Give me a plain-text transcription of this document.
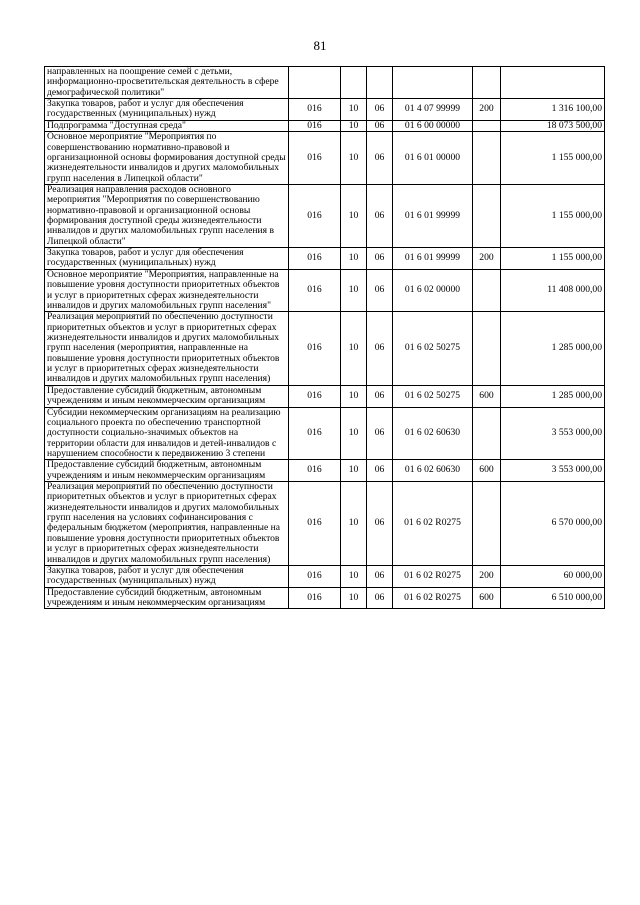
81
направленных на поощрение семей с детьми, информационно-просветительская деятельность в сфере демографической политики"						
Закупка товаров, работ и услуг для обеспечения государственных (муниципальных) нужд	016	10	06	01 4 07 99999	200	1 316 100,00
Подпрограмма "Доступная среда"	016	10	06	01 6 00 00000		18 073 500,00
Основное мероприятие "Мероприятия по совершенствованию нормативно-правовой и организационной основы формирования доступной среды жизнедеятельности инвалидов и других маломобильных групп населения в Липецкой области"	016	10	06	01 6 01 00000		1 155 000,00
Реализация направления расходов основного мероприятия "Мероприятия по совершенствованию нормативно-правовой и организационной основы формирования доступной среды жизнедеятельности инвалидов и других маломобильных групп населения в Липецкой области"	016	10	06	01 6 01 99999		1 155 000,00
Закупка товаров, работ и услуг для обеспечения государственных (муниципальных) нужд	016	10	06	01 6 01 99999	200	1 155 000,00
Основное мероприятие "Мероприятия, направленные на повышение уровня доступности приоритетных объектов и услуг в приоритетных сферах жизнедеятельности инвалидов и других маломобильных групп населения"	016	10	06	01 6 02 00000		11 408 000,00
Реализация мероприятий по обеспечению доступности приоритетных объектов и услуг в приоритетных сферах жизнедеятельности инвалидов и других маломобильных групп населения (мероприятия, направленные на повышение уровня доступности приоритетных объектов и услуг в приоритетных сферах жизнедеятельности инвалидов и других маломобильных групп населения)	016	10	06	01 6 02 50275		1 285 000,00
Предоставление субсидий бюджетным, автономным учреждениям и иным некоммерческим организациям	016	10	06	01 6 02 50275	600	1 285 000,00
Субсидии некоммерческим организациям на реализацию социального проекта по обеспечению транспортной доступности социально-значимых объектов на территории области для инвалидов и детей-инвалидов с нарушением способности к передвижению 3 степени	016	10	06	01 6 02 60630		3 553 000,00
Предоставление субсидий бюджетным, автономным учреждениям и иным некоммерческим организациям	016	10	06	01 6 02 60630	600	3 553 000,00
Реализация мероприятий по обеспечению доступности приоритетных объектов и услуг в приоритетных сферах жизнедеятельности инвалидов и других маломобильных групп населения на условиях софинансирования с федеральным бюджетом (мероприятия, направленные на повышение уровня доступности приоритетных объектов и услуг в приоритетных сферах жизнедеятельности инвалидов и других маломобильных групп населения)	016	10	06	01 6 02 R0275		6 570 000,00
Закупка товаров, работ и услуг для обеспечения государственных (муниципальных) нужд	016	10	06	01 6 02 R0275	200	60 000,00
Предоставление субсидий бюджетным, автономным учреждениям и иным некоммерческим организациям	016	10	06	01 6 02 R0275	600	6 510 000,00
